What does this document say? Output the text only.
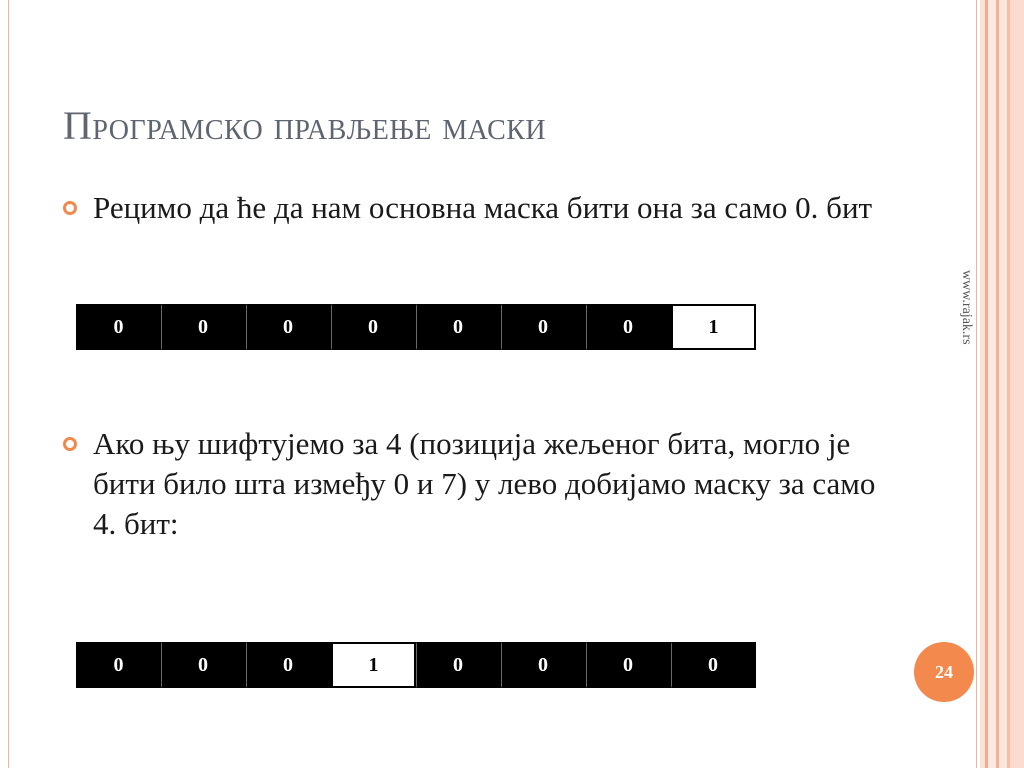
Програмско прављење маски
Рецимо да ће да нам основна маска бити она за само 0. бит
0	0	0	0	0	0	0	1
Ако њу шифтујемо за 4 (позиција жељеног бита, могло је бити било шта између 0 и 7) у лево добијамо маску за само 4. бит:
0	0	0	1	0	0	0	0
www.rajak.rs
24
